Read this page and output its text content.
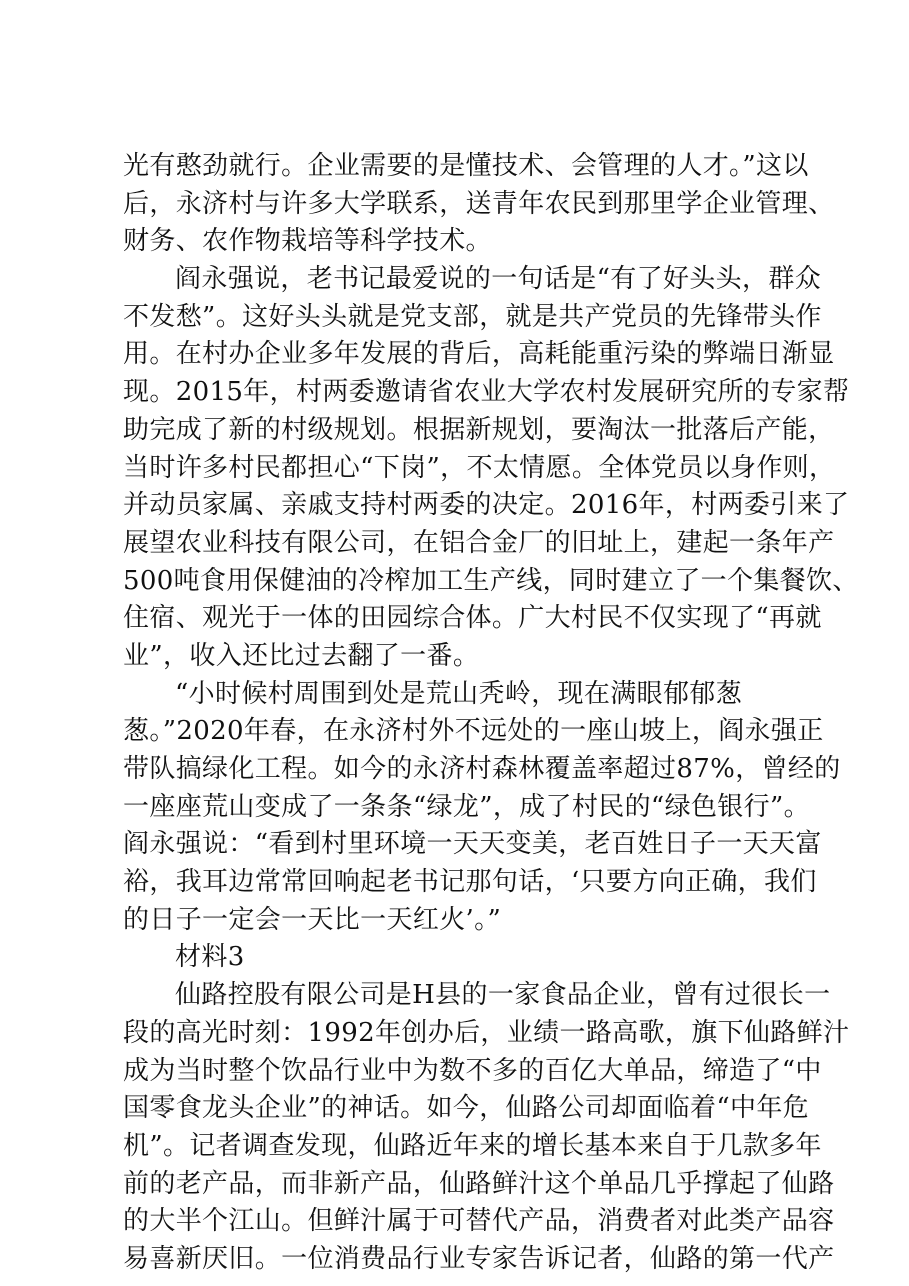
光有憨劲就行。企业需要的是懂技术、会管理的人才。”这以
后，永济村与许多大学联系，送青年农民到那里学企业管理、
财务、农作物栽培等科学技术。
阎永强说，老书记最爱说的一句话是“有了好头头，群众
不发愁”。这好头头就是党支部，就是共产党员的先锋带头作
用。在村办企业多年发展的背后，高耗能重污染的弊端日渐显
现。2015年，村两委邀请省农业大学农村发展研究所的专家帮
助完成了新的村级规划。根据新规划，要淘汰一批落后产能，
当时许多村民都担心“下岗”，不太情愿。全体党员以身作则，
并动员家属、亲戚支持村两委的决定。2016年，村两委引来了
展望农业科技有限公司，在铝合金厂的旧址上，建起一条年产
500吨食用保健油的冷榨加工生产线，同时建立了一个集餐饮、
住宿、观光于一体的田园综合体。广大村民不仅实现了“再就
业”，收入还比过去翻了一番。
“小时候村周围到处是荒山秃岭，现在满眼郁郁葱
葱。”2020年春，在永济村外不远处的一座山坡上，阎永强正
带队搞绿化工程。如今的永济村森林覆盖率超过87%，曾经的
一座座荒山变成了一条条“绿龙”，成了村民的“绿色银行”。
阎永强说：“看到村里环境一天天变美，老百姓日子一天天富
裕，我耳边常常回响起老书记那句话，‘只要方向正确，我们
的日子一定会一天比一天红火’。”
材料3
仙路控股有限公司是H县的一家食品企业，曾有过很长一
段的高光时刻：1992年创办后，业绩一路高歌，旗下仙路鲜汁
成为当时整个饮品行业中为数不多的百亿大单品，缔造了“中
国零食龙头企业”的神话。如今，仙路公司却面临着“中年危
机”。记者调查发现，仙路近年来的增长基本来自于几款多年
前的老产品，而非新产品，仙路鲜汁这个单品几乎撑起了仙路
的大半个江山。但鲜汁属于可替代产品，消费者对此类产品容
易喜新厌旧。一位消费品行业专家告诉记者，仙路的第一代产
